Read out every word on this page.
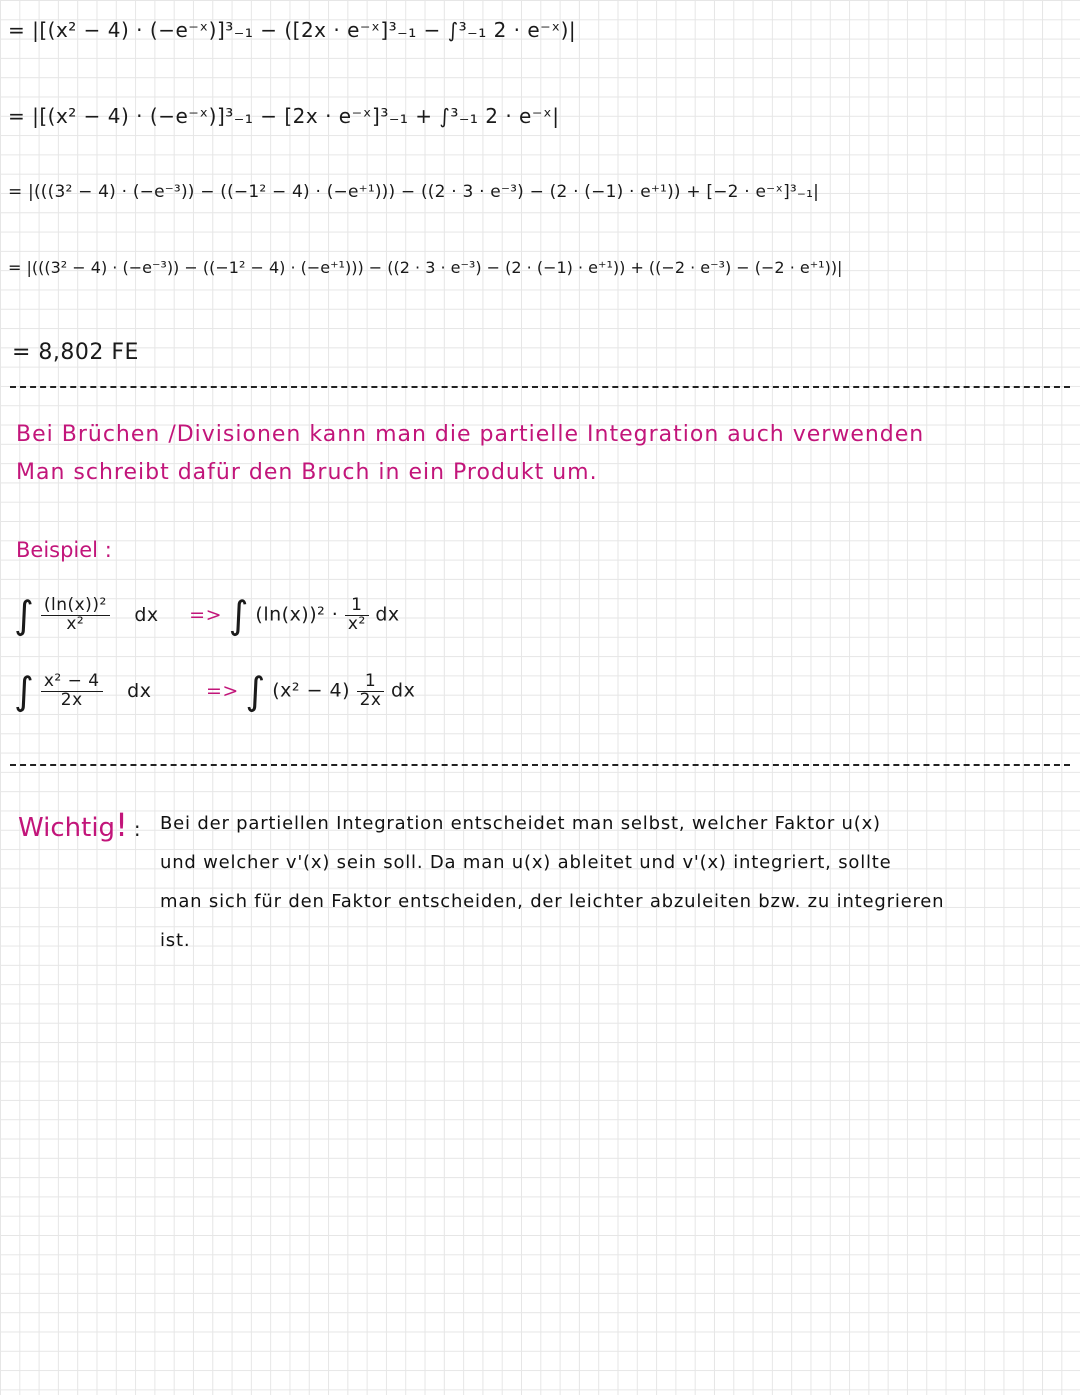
= |[(x² − 4) · (−e⁻ˣ)]³₋₁ − ([2x · e⁻ˣ]³₋₁ − ∫³₋₁ 2 · e⁻ˣ)|
= |[(x² − 4) · (−e⁻ˣ)]³₋₁ − [2x · e⁻ˣ]³₋₁ + ∫³₋₁ 2 · e⁻ˣ|
= |(((3² − 4) · (−e⁻³)) − ((−1² − 4) · (−e⁺¹))) − ((2 · 3 · e⁻³) − (2 · (−1) · e⁺¹)) + [−2 · e⁻ˣ]³₋₁|
= |(((3² − 4) · (−e⁻³)) − ((−1² − 4) · (−e⁺¹))) − ((2 · 3 · e⁻³) − (2 · (−1) · e⁺¹)) + ((−2 · e⁻³) − (−2 · e⁺¹))|
= 8,802 FE
Bei Brüchen /Divisionen kann man die partielle Integration auch verwenden
Man schreibt dafür den Bruch in ein Produkt um.
Beispiel :
∫ $\frac{\text{(ln(x))²}}{\text{x²}}$ dx => ∫ $(\ln(x))^2 \cdot \frac{1}{\text{x²}}$ dx
∫ $\frac{\text{x² − 4}}{2x}$ dx	=> ∫ $(x^2 - 4) \frac{1}{2x}$ dx
Wichtig! : Bei der partiellen Integration entscheidet man selbst, welcher Faktor u(x)
und welcher v'(x) sein soll. Da man u(x) ableitet und v'(x) integriert, sollte
man sich für den Faktor entscheiden, der leichter abzuleiten bzw. zu integrieren
ist.
